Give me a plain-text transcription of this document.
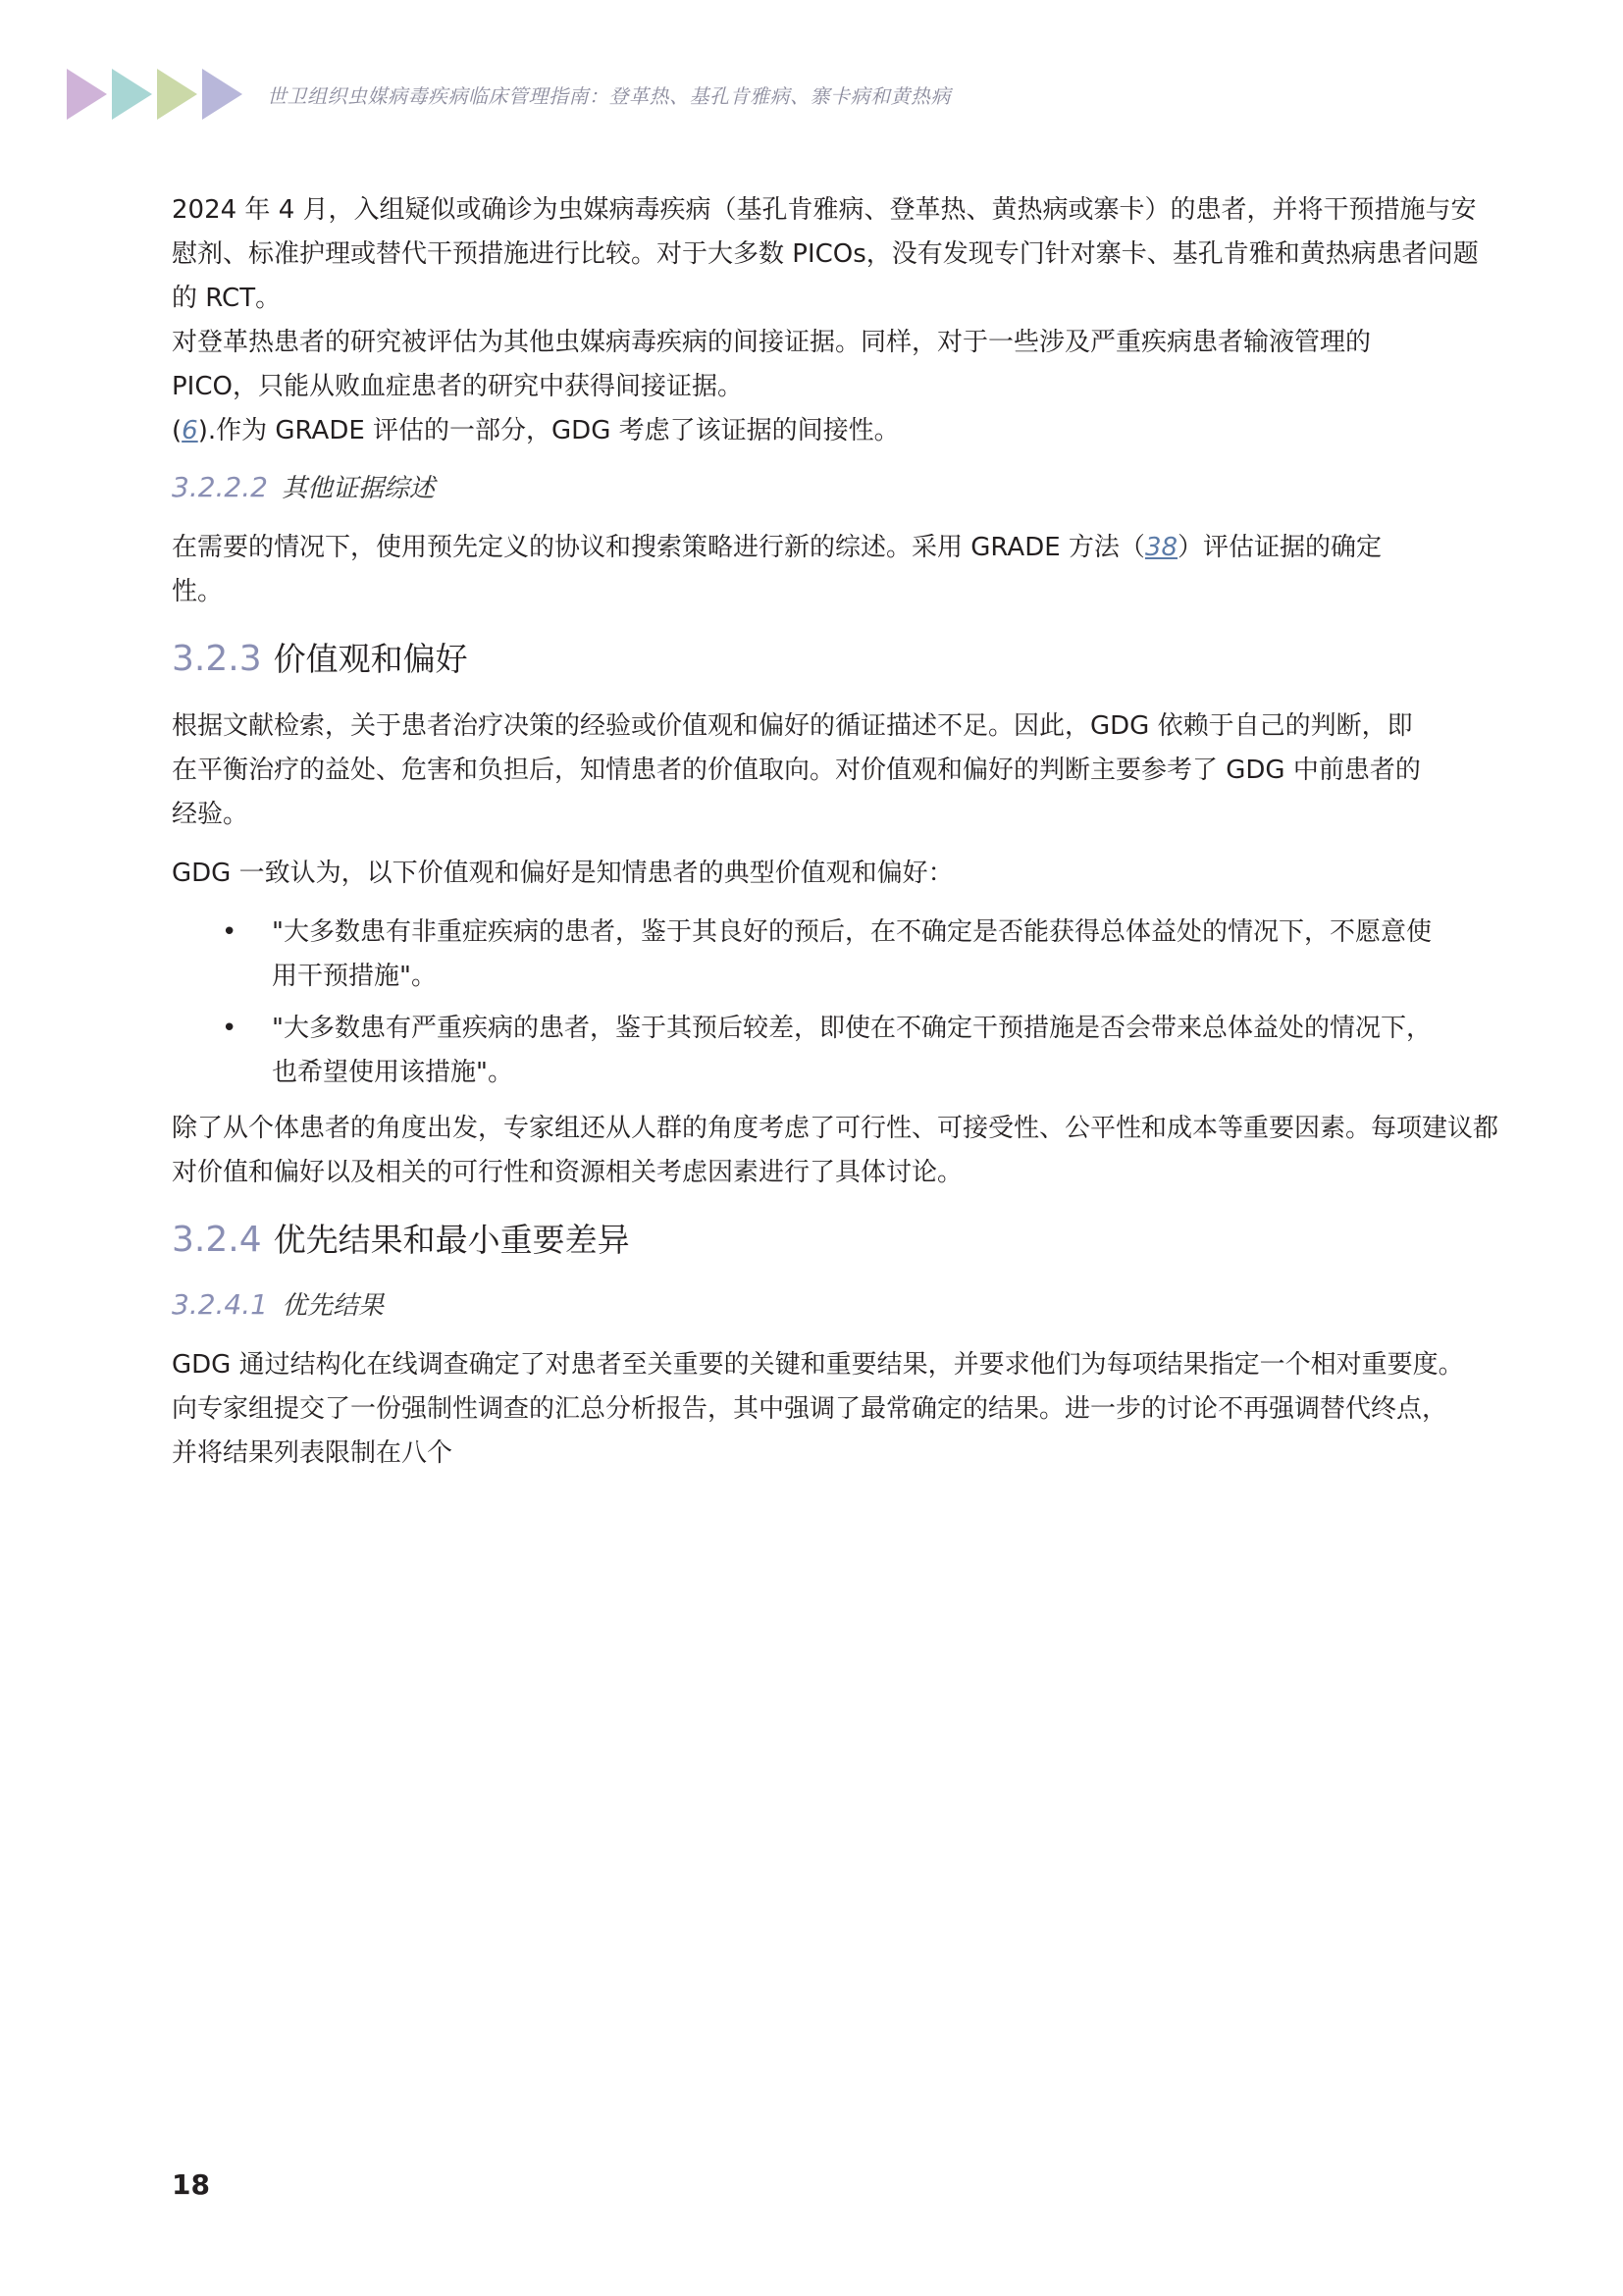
世卫组织虫媒病毒疾病临床管理指南：登革热、基孔肯雅病、寨卡病和黄热病

2024 年 4 月，入组疑似或确诊为虫媒病毒疾病（基孔肯雅病、登革热、黄热病或寨卡）的患者，并将干预措施与安慰剂、标准护理或替代干预措施进行比较。对于大多数 PICOs，没有发现专门针对寨卡、基孔肯雅和黄热病患者问题的 RCT。

对登革热患者的研究被评估为其他虫媒病毒疾病的间接证据。同样，对于一些涉及严重疾病患者输液管理的 PICO，只能从败血症患者的研究中获得间接证据。

(6).作为 GRADE 评估的一部分，GDG 考虑了该证据的间接性。

3.2.2.2 其他证据综述

在需要的情况下，使用预先定义的协议和搜索策略进行新的综述。采用 GRADE 方法（38）评估证据的确定性。

3.2.3 价值观和偏好

根据文献检索，关于患者治疗决策的经验或价值观和偏好的循证描述不足。因此，GDG 依赖于自己的判断，即在平衡治疗的益处、危害和负担后，知情患者的价值取向。对价值观和偏好的判断主要参考了 GDG 中前患者的经验。

GDG 一致认为，以下价值观和偏好是知情患者的典型价值观和偏好：

• "大多数患有非重症疾病的患者，鉴于其良好的预后，在不确定是否能获得总体益处的情况下，不愿意使用干预措施"。
• "大多数患有严重疾病的患者，鉴于其预后较差，即使在不确定干预措施是否会带来总体益处的情况下，也希望使用该措施"。

除了从个体患者的角度出发，专家组还从人群的角度考虑了可行性、可接受性、公平性和成本等重要因素。每项建议都对价值和偏好以及相关的可行性和资源相关考虑因素进行了具体讨论。

3.2.4 优先结果和最小重要差异
3.2.4.1 优先结果

GDG 通过结构化在线调查确定了对患者至关重要的关键和重要结果，并要求他们为每项结果指定一个相对重要度。向专家组提交了一份强制性调查的汇总分析报告，其中强调了最常确定的结果。进一步的讨论不再强调替代终点，并将结果列表限制在八个

18
